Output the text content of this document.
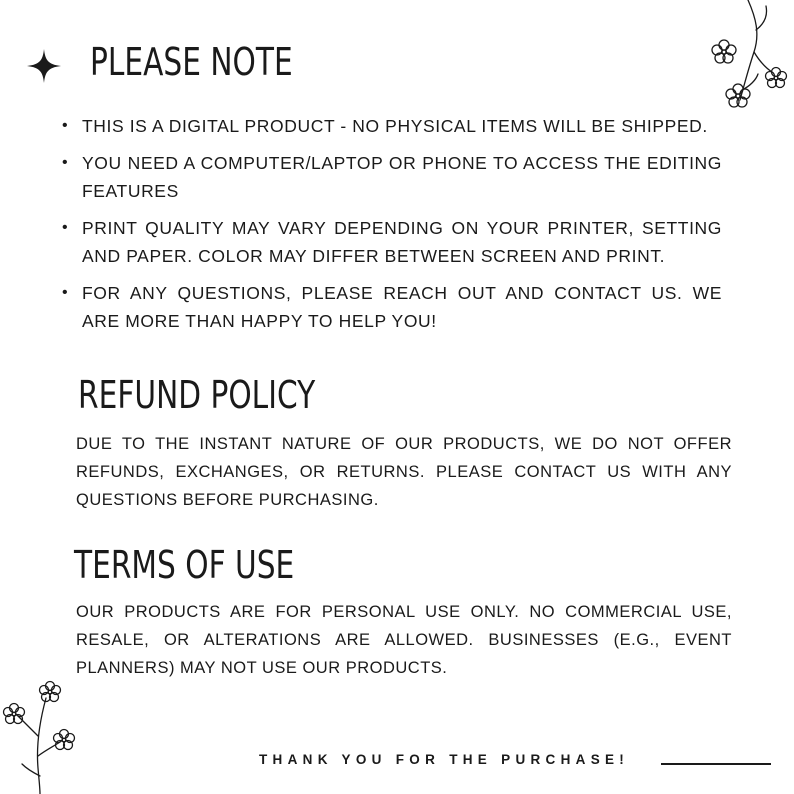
PLEASE NOTE
• THIS IS A DIGITAL PRODUCT - NO PHYSICAL ITEMS WILL BE SHIPPED.
• YOU NEED A COMPUTER/LAPTOP OR PHONE TO ACCESS THE EDITING FEATURES
• PRINT QUALITY MAY VARY DEPENDING ON YOUR PRINTER, SETTING AND PAPER. COLOR MAY DIFFER BETWEEN SCREEN AND PRINT.
• FOR ANY QUESTIONS, PLEASE REACH OUT AND CONTACT US. WE ARE MORE THAN HAPPY TO HELP YOU!
REFUND POLICY

DUE TO THE INSTANT NATURE OF OUR PRODUCTS, WE DO NOT OFFER REFUNDS, EXCHANGES, OR RETURNS. PLEASE CONTACT US WITH ANY QUESTIONS BEFORE PURCHASING.

TERMS OF USE

OUR PRODUCTS ARE FOR PERSONAL USE ONLY. NO COMMERCIAL USE, RESALE, OR ALTERATIONS ARE ALLOWED. BUSINESSES (E.G., EVENT PLANNERS) MAY NOT USE OUR PRODUCTS.

THANK YOU FOR THE PURCHASE!
